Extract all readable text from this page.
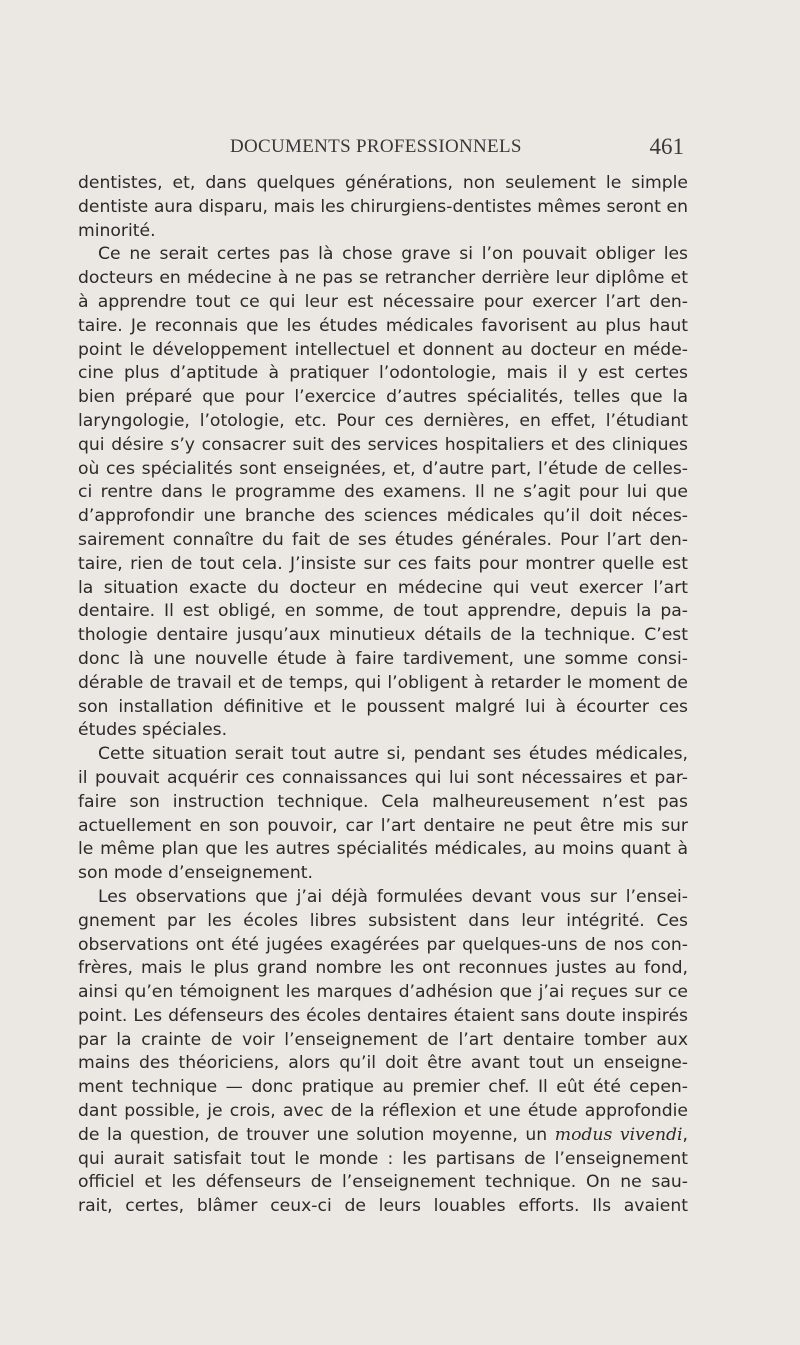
DOCUMENTS PROFESSIONNELS	461
dentistes, et, dans quelques générations, non seulement le simple
dentiste aura disparu, mais les chirurgiens-dentistes mêmes seront en
minorité.
Ce ne serait certes pas là chose grave si l’on pouvait obliger les
docteurs en médecine à ne pas se retrancher derrière leur diplôme et
à apprendre tout ce qui leur est nécessaire pour exercer l’art den-
taire. Je reconnais que les études médicales favorisent au plus haut
point le développement intellectuel et donnent au docteur en méde-
cine plus d’aptitude à pratiquer l’odontologie, mais il y est certes
bien préparé que pour l’exercice d’autres spécialités, telles que la
laryngologie, l’otologie, etc. Pour ces dernières, en effet, l’étudiant
qui désire s’y consacrer suit des services hospitaliers et des cliniques
où ces spécialités sont enseignées, et, d’autre part, l’étude de celles-
ci rentre dans le programme des examens. Il ne s’agit pour lui que
d’approfondir une branche des sciences médicales qu’il doit néces-
sairement connaître du fait de ses études générales. Pour l’art den-
taire, rien de tout cela. J’insiste sur ces faits pour montrer quelle est
la situation exacte du docteur en médecine qui veut exercer l’art
dentaire. Il est obligé, en somme, de tout apprendre, depuis la pa-
thologie dentaire jusqu’aux minutieux détails de la technique. C’est
donc là une nouvelle étude à faire tardivement, une somme consi-
dérable de travail et de temps, qui l’obligent à retarder le moment de
son installation définitive et le poussent malgré lui à écourter ces
études spéciales.
Cette situation serait tout autre si, pendant ses études médicales,
il pouvait acquérir ces connaissances qui lui sont nécessaires et par-
faire son instruction technique. Cela malheureusement n’est pas
actuellement en son pouvoir, car l’art dentaire ne peut être mis sur
le même plan que les autres spécialités médicales, au moins quant à
son mode d’enseignement.
Les observations que j’ai déjà formulées devant vous sur l’ensei-
gnement par les écoles libres subsistent dans leur intégrité. Ces
observations ont été jugées exagérées par quelques-uns de nos con-
frères, mais le plus grand nombre les ont reconnues justes au fond,
ainsi qu’en témoignent les marques d’adhésion que j’ai reçues sur ce
point. Les défenseurs des écoles dentaires étaient sans doute inspirés
par la crainte de voir l’enseignement de l’art dentaire tomber aux
mains des théoriciens, alors qu’il doit être avant tout un enseigne-
ment technique — donc pratique au premier chef. Il eût été cepen-
dant possible, je crois, avec de la réflexion et une étude approfondie
de la question, de trouver une solution moyenne, un modus vivendi,
qui aurait satisfait tout le monde : les partisans de l’enseignement
officiel et les défenseurs de l’enseignement technique. On ne sau-
rait, certes, blâmer ceux-ci de leurs louables efforts. Ils avaient
